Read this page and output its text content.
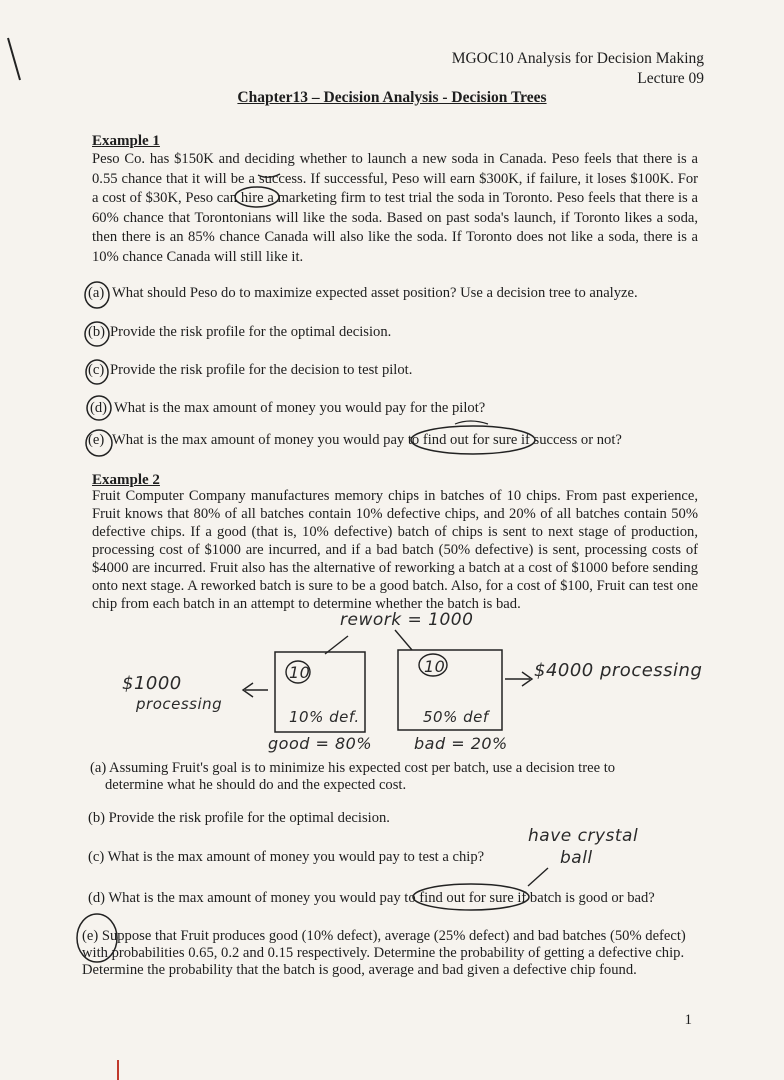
MGOC10 Analysis for Decision Making
Lecture 09
Chapter13 – Decision Analysis - Decision Trees
Example 1

Peso Co. has $150K and deciding whether to launch a new soda in Canada. Peso feels that there is a 0.55 chance that it will be a success. If successful, Peso will earn $300K, if failure, it loses $100K. For a cost of $30K, Peso can hire a marketing firm to test trial the soda in Toronto. Peso feels that there is a 60% chance that Torontonians will like the soda. Based on past soda's launch, if Toronto likes a soda, then there is an 85% chance Canada will also like the soda. If Toronto does not like a soda, there is a 10% chance Canada will still like it.

(a) What should Peso do to maximize expected asset position? Use a decision tree to analyze.
(b) Provide the risk profile for the optimal decision.
(c) Provide the risk profile for the decision to test pilot.
(d) What is the max amount of money you would pay for the pilot?
(e) What is the max amount of money you would pay to find out for sure if success or not?
Example 2

Fruit Computer Company manufactures memory chips in batches of 10 chips. From past experience, Fruit knows that 80% of all batches contain 10% defective chips, and 20% of all batches contain 50% defective chips. If a good (that is, 10% defective) batch of chips is sent to next stage of production, processing cost of $1000 are incurred, and if a bad batch (50% defective) is sent, processing costs of $4000 are incurred. Fruit also has the alternative of reworking a batch at a cost of $1000 before sending onto next stage. A reworked batch is sure to be a good batch. Also, for a cost of $100, Fruit can test one chip from each batch in an attempt to determine whether the batch is bad.

(a) Assuming Fruit's goal is to minimize his expected cost per batch, use a decision tree to
determine what he should do and the expected cost.
(b) Provide the risk profile for the optimal decision.
(c) What is the max amount of money you would pay to test a chip?
(d) What is the max amount of money you would pay to find out for sure if batch is good or bad?

(e) Suppose that Fruit produces good (10% defect), average (25% defect) and bad batches (50% defect) with probabilities 0.65, 0.2 and 0.15 respectively. Determine the probability of getting a defective chip. Determine the probability that the batch is good, average and bad given a defective chip found.

1
rework = 1000
$1000
processing
$4000 processing
10
10% def.
10
50% def
good = 80%	bad = 20%
have crystal
ball
